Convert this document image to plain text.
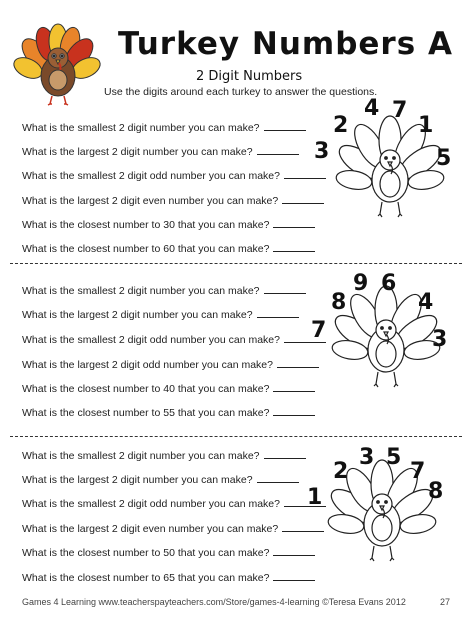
Turkey Numbers A
2 Digit Numbers
Use the digits around each turkey to answer the questions.
What is the smallest 2 digit number you can make?
What is the largest 2 digit number you can make?
What is the smallest 2 digit odd number you can make?
What is the largest 2 digit even number you can make?
What is the closest number to 30 that you can make?
What is the closest number to 60 that you can make?
3
2
4 7
1
5
What is the smallest 2 digit number you can make?
What is the largest 2 digit number you can make?
What is the smallest 2 digit odd number you can make?
What is the largest 2 digit odd number you can make?
What is the closest number to 40 that you can make?
What is the closest number to 55 that you can make?
7
8
9 6
4
3
What is the smallest 2 digit number you can make?
What is the largest 2 digit number you can make?
What is the smallest 2 digit odd number you can make?
What is the largest 2 digit even number you can make?
What is the closest number to 50 that you can make?
What is the closest number to 65 that you can make?
1
2
3 5
7
8
Games 4 Learning www.teacherspayteachers.com/Store/games-4-learning ©Teresa Evans 2012	27
